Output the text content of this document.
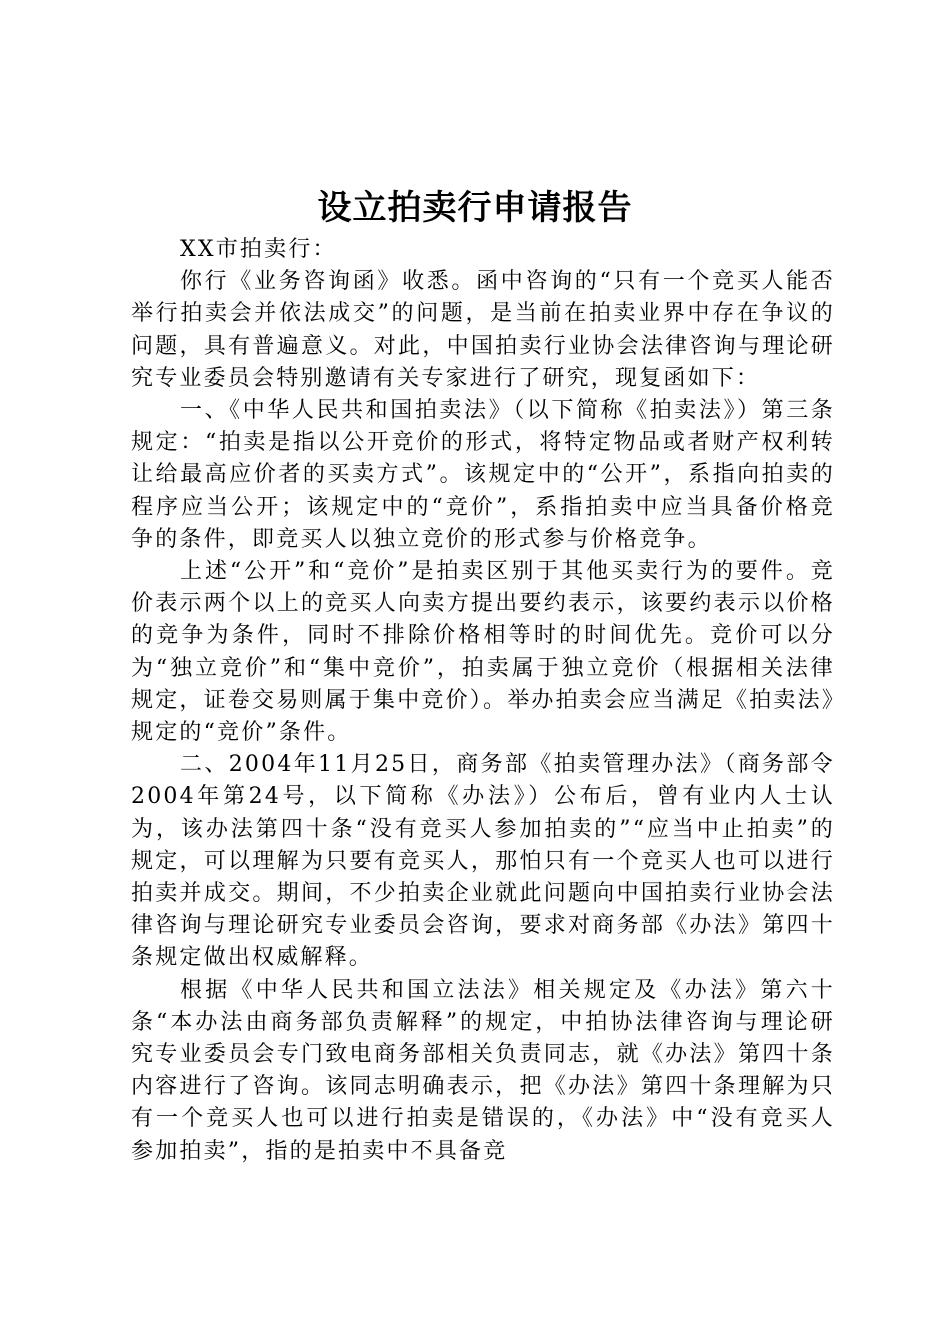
设立拍卖行申请报告

XX市拍卖行：

你行《业务咨询函》收悉。函中咨询的“只有一个竞买人能否举行拍卖会并依法成交”的问题，是当前在拍卖业界中存在争议的问题，具有普遍意义。对此，中国拍卖行业协会法律咨询与理论研究专业委员会特别邀请有关专家进行了研究，现复函如下：

一、《中华人民共和国拍卖法》（以下简称《拍卖法》）第三条规定：“拍卖是指以公开竞价的形式，将特定物品或者财产权利转让给最高应价者的买卖方式”。该规定中的“公开”，系指向拍卖的程序应当公开；该规定中的“竞价”，系指拍卖中应当具备价格竞争的条件，即竞买人以独立竞价的形式参与价格竞争。

上述“公开”和“竞价”是拍卖区别于其他买卖行为的要件。竞价表示两个以上的竞买人向卖方提出要约表示，该要约表示以价格的竞争为条件，同时不排除价格相等时的时间优先。竞价可以分为“独立竞价”和“集中竞价”，拍卖属于独立竞价（根据相关法律规定，证卷交易则属于集中竞价）。举办拍卖会应当满足《拍卖法》规定的“竞价”条件。

二、2004年11月25日，商务部《拍卖管理办法》（商务部令2004年第24号，以下简称《办法》）公布后，曾有业内人士认为，该办法第四十条“没有竞买人参加拍卖的”“应当中止拍卖”的规定，可以理解为只要有竞买人，那怕只有一个竞买人也可以进行拍卖并成交。期间，不少拍卖企业就此问题向中国拍卖行业协会法律咨询与理论研究专业委员会咨询，要求对商务部《办法》第四十条规定做出权威解释。

根据《中华人民共和国立法法》相关规定及《办法》第六十条“本办法由商务部负责解释”的规定，中拍协法律咨询与理论研究专业委员会专门致电商务部相关负责同志，就《办法》第四十条内容进行了咨询。该同志明确表示，把《办法》第四十条理解为只有一个竞买人也可以进行拍卖是错误的，《办法》中“没有竞买人参加拍卖”，指的是拍卖中不具备竞
